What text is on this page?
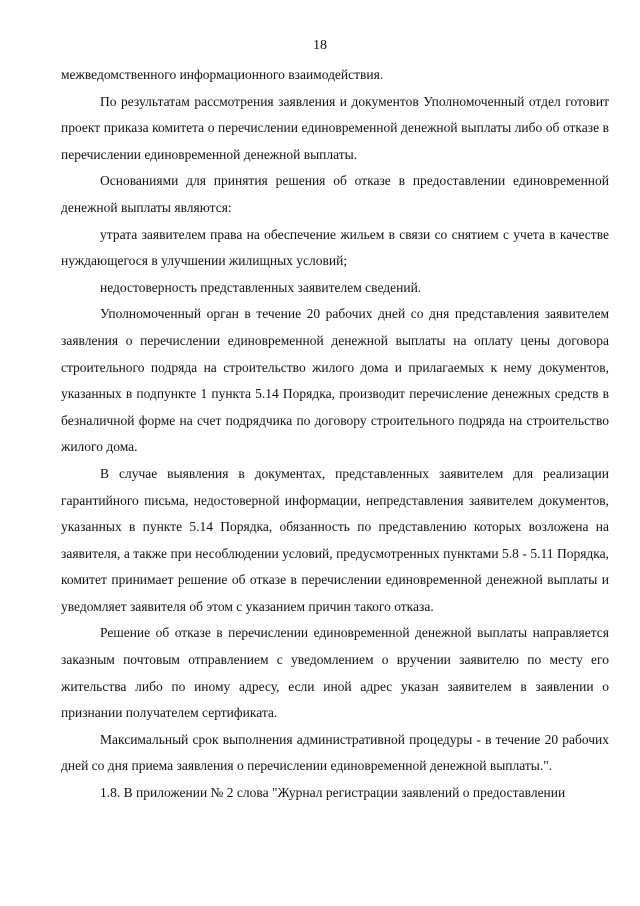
18

межведомственного информационного взаимодействия.

По результатам рассмотрения заявления и документов Уполномоченный отдел готовит проект приказа комитета о перечислении единовременной денежной выплаты либо об отказе в перечислении единовременной денежной выплаты.

Основаниями для принятия решения об отказе в предоставлении единовременной денежной выплаты являются:

утрата заявителем права на обеспечение жильем в связи со снятием с учета в качестве нуждающегося в улучшении жилищных условий;

недостоверность представленных заявителем сведений.

Уполномоченный орган в течение 20 рабочих дней со дня представления заявителем заявления о перечислении единовременной денежной выплаты на оплату цены договора строительного подряда на строительство жилого дома и прилагаемых к нему документов, указанных в подпункте 1 пункта 5.14 Порядка, производит перечисление денежных средств в безналичной форме на счет подрядчика по договору строительного подряда на строительство жилого дома.

В случае выявления в документах, представленных заявителем для реализации гарантийного письма, недостоверной информации, непредставления заявителем документов, указанных в пункте 5.14 Порядка, обязанность по представлению которых возложена на заявителя, а также при несоблюдении условий, предусмотренных пунктами 5.8 - 5.11 Порядка, комитет принимает решение об отказе в перечислении единовременной денежной выплаты и уведомляет заявителя об этом с указанием причин такого отказа.

Решение об отказе в перечислении единовременной денежной выплаты направляется заказным почтовым отправлением с уведомлением о вручении заявителю по месту его жительства либо по иному адресу, если иной адрес указан заявителем в заявлении о признании получателем сертификата.

Максимальный срок выполнения административной процедуры - в течение 20 рабочих дней со дня приема заявления о перечислении единовременной денежной выплаты.".

1.8. В приложении № 2 слова "Журнал регистрации заявлений о предоставлении
